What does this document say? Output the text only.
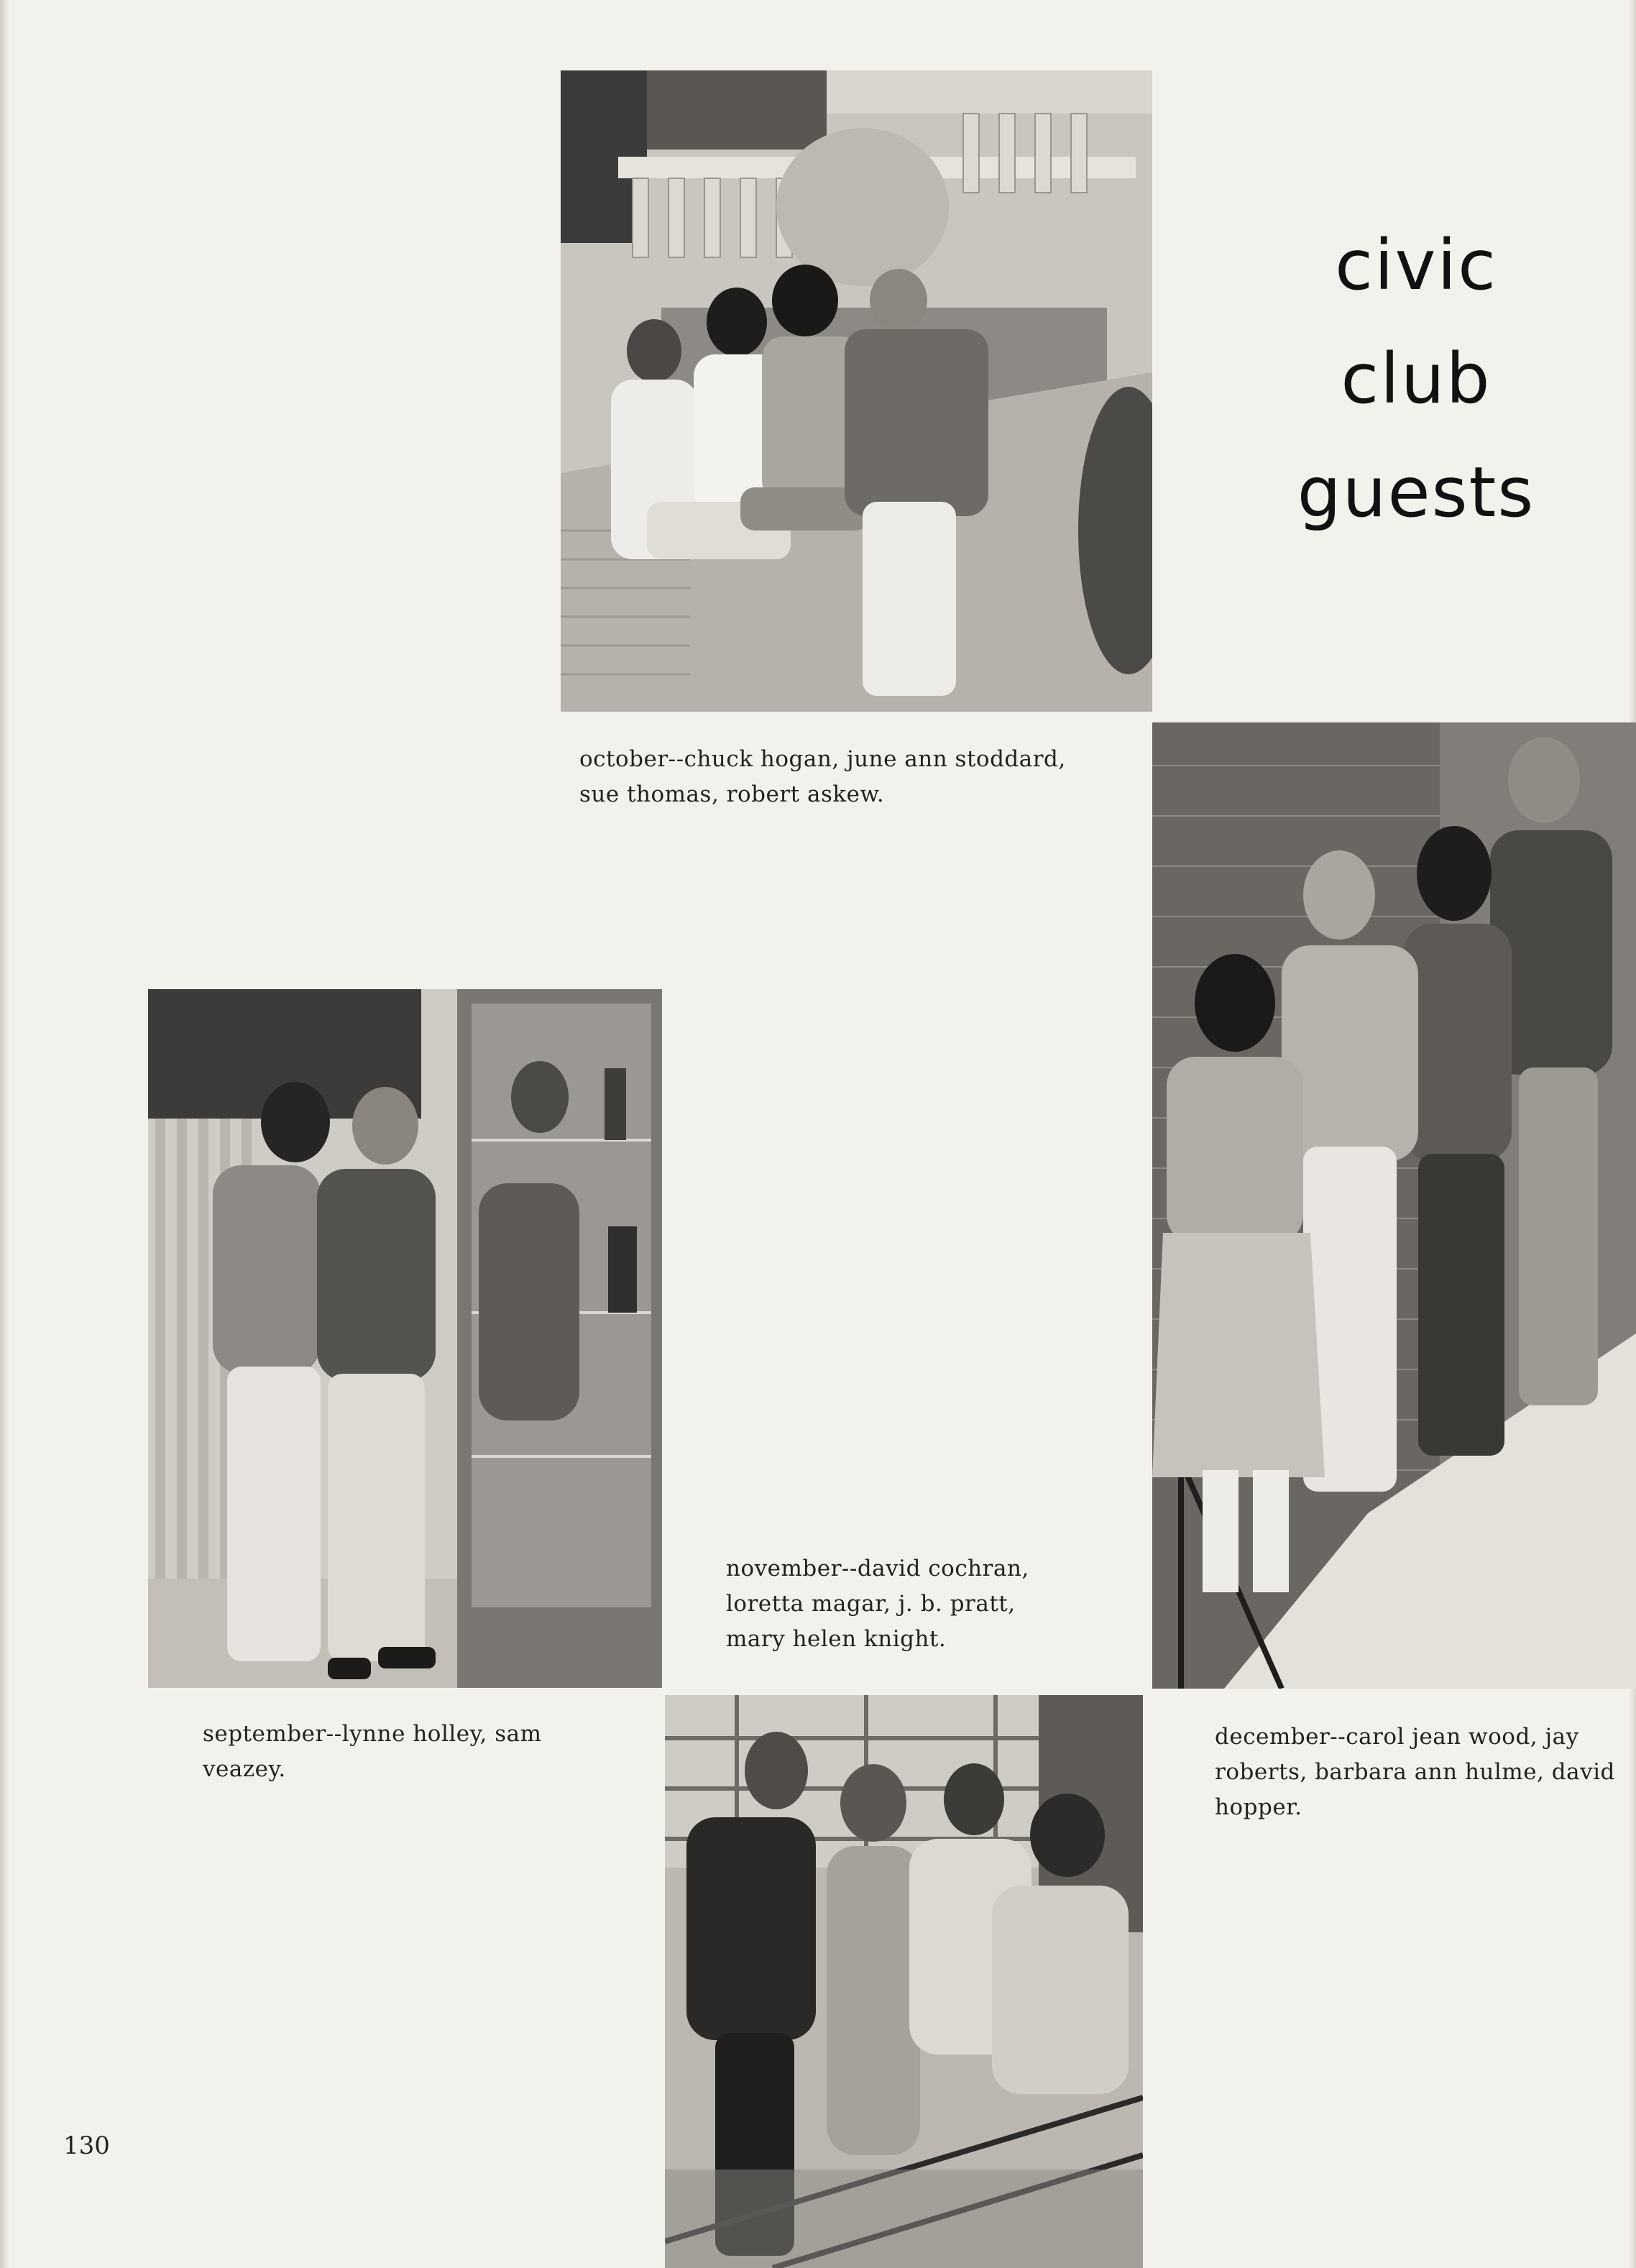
civic
club
guests

october--chuck hogan, june ann stoddard,
sue thomas, robert askew.

november--david cochran,
loretta magar, j. b. pratt,
mary helen knight.

september--lynne holley, sam
veazey.

december--carol jean wood, jay
roberts, barbara ann hulme, david
hopper.

130
